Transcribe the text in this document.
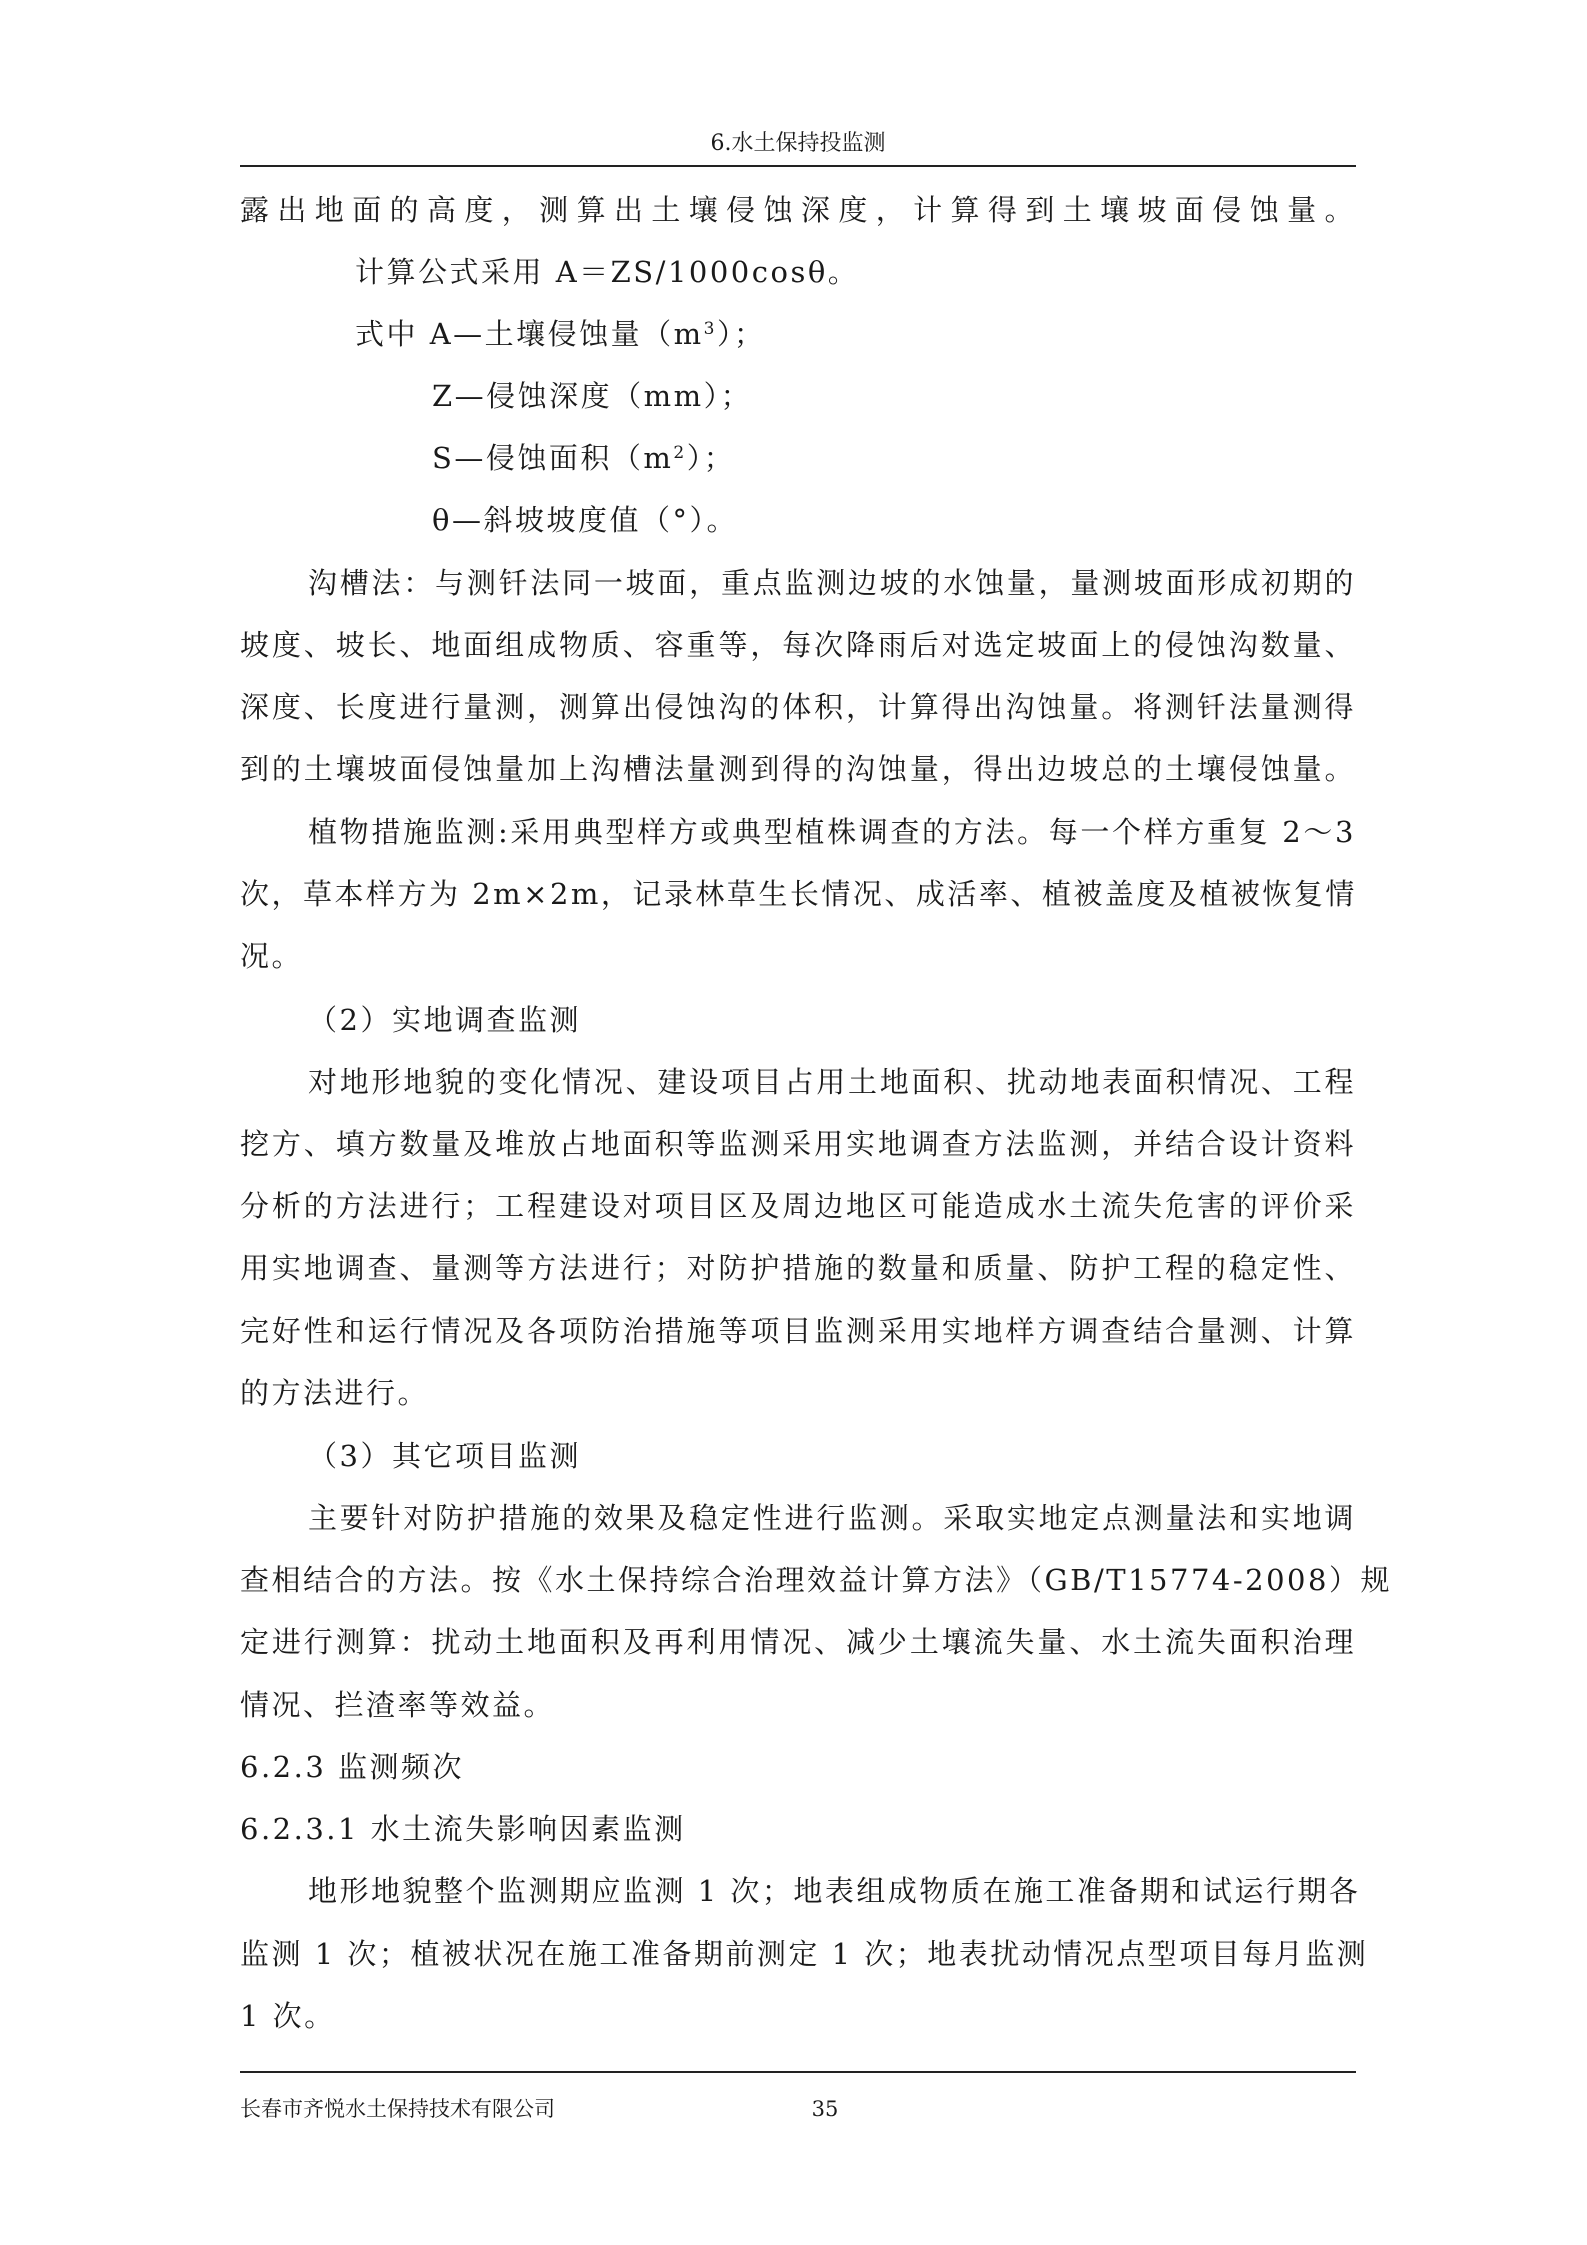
6.水土保持投监测
露出地面的高度，测算出土壤侵蚀深度，计算得到土壤坡面侵蚀量。
计算公式采用 A＝ZS/1000cosθ。
式中 A—土壤侵蚀量$(m^3)$；
Z—侵蚀深度（mm）；
S—侵蚀面积$(m^2)$；
θ—斜坡坡度值（°）。
沟槽法：与测钎法同一坡面，重点监测边坡的水蚀量，量测坡面形成初期的
坡度、坡长、地面组成物质、容重等，每次降雨后对选定坡面上的侵蚀沟数量、
深度、长度进行量测，测算出侵蚀沟的体积，计算得出沟蚀量。将测钎法量测得
到的土壤坡面侵蚀量加上沟槽法量测到得的沟蚀量，得出边坡总的土壤侵蚀量。
植物措施监测:采用典型样方或典型植株调查的方法。每一个样方重复 2～3
次，草本样方为 2m×2m，记录林草生长情况、成活率、植被盖度及植被恢复情
况。
（2）实地调查监测
对地形地貌的变化情况、建设项目占用土地面积、扰动地表面积情况、工程
挖方、填方数量及堆放占地面积等监测采用实地调查方法监测，并结合设计资料
分析的方法进行；工程建设对项目区及周边地区可能造成水土流失危害的评价采
用实地调查、量测等方法进行；对防护措施的数量和质量、防护工程的稳定性、
完好性和运行情况及各项防治措施等项目监测采用实地样方调查结合量测、计算
的方法进行。
（3）其它项目监测
主要针对防护措施的效果及稳定性进行监测。采取实地定点测量法和实地调
查相结合的方法。按《水土保持综合治理效益计算方法》（GB/T15774-2008）规
定进行测算：扰动土地面积及再利用情况、减少土壤流失量、水土流失面积治理
情况、拦渣率等效益。
6.2.3 监测频次
6.2.3.1 水土流失影响因素监测
地形地貌整个监测期应监测 1 次；地表组成物质在施工准备期和试运行期各
监测 1 次；植被状况在施工准备期前测定 1 次；地表扰动情况点型项目每月监测
1 次。
长春市齐悦水土保持技术有限公司	35
